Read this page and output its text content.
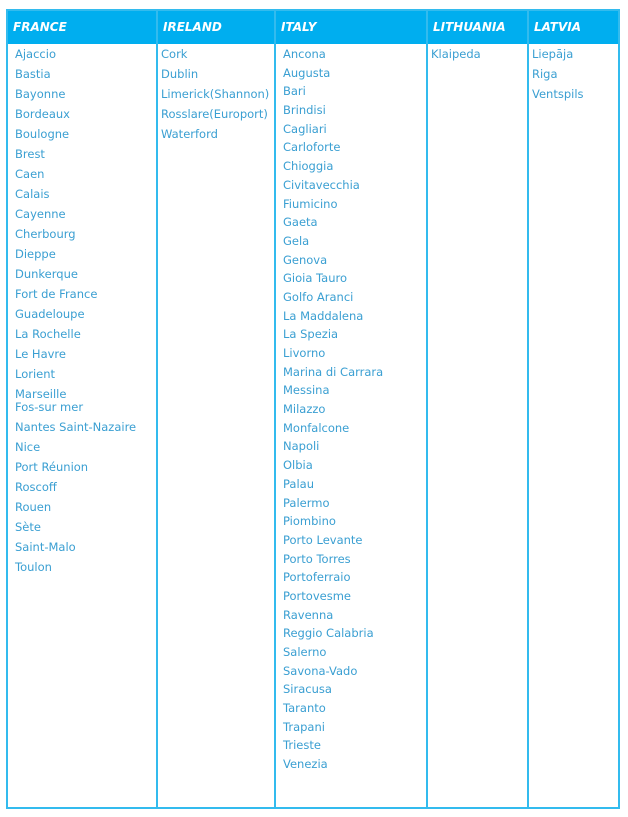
FRANCE
Ajaccio
Bastia
Bayonne
Bordeaux
Boulogne
Brest
Caen
Calais
Cayenne
Cherbourg
Dieppe
Dunkerque
Fort de France
Guadeloupe
La Rochelle
Le Havre
Lorient
Marseille
Fos-sur mer
Nantes Saint-Nazaire
Nice
Port Réunion
Roscoff
Rouen
Sète
Saint-Malo
Toulon
IRELAND
Cork
Dublin
Limerick(Shannon)
Rosslare(Europort)
Waterford
ITALY
Ancona
Augusta
Bari
Brindisi
Cagliari
Carloforte
Chioggia
Civitavecchia
Fiumicino
Gaeta
Gela
Genova
Gioia Tauro
Golfo Aranci
La Maddalena
La Spezia
Livorno
Marina di Carrara
Messina
Milazzo
Monfalcone
Napoli
Olbia
Palau
Palermo
Piombino
Porto Levante
Porto Torres
Portoferraio
Portovesme
Ravenna
Reggio Calabria
Salerno
Savona-Vado
Siracusa
Taranto
Trapani
Trieste
Venezia
LITHUANIA
Klaipeda
LATVIA
Liepāja
Riga
Ventspils
